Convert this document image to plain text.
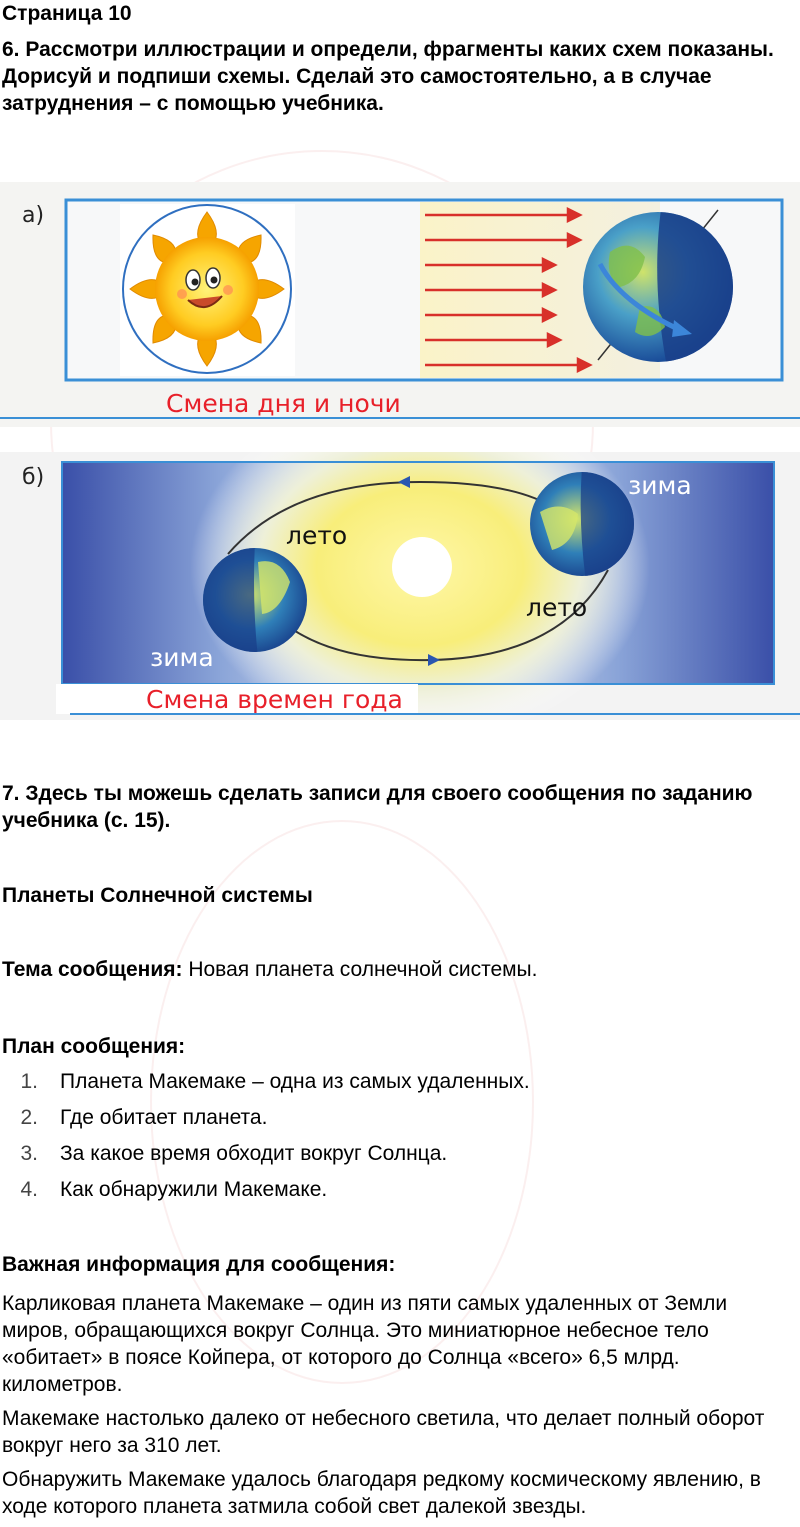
Страница 10

6. Рассмотри иллюстрации и определи, фрагменты каких схем показаны. Дорисуй и подпиши схемы. Сделай это самостоятельно, а в случае затруднения – с помощью учебника.

а)
Смена дня и ночи
б)	зима
лето
лето
зима
Смена времен года

7. Здесь ты можешь сделать записи для своего сообщения по заданию учебника (с. 15).

Планеты Солнечной системы

Тема сообщения: Новая планета солнечной системы.

План сообщения:

1. Планета Макемаке – одна из самых удаленных.
2. Где обитает планета.
3. За какое время обходит вокруг Солнца.
4. Как обнаружили Макемаке.

Важная информация для сообщения:

Карликовая планета Макемаке – один из пяти самых удаленных от Земли миров, обращающихся вокруг Солнца. Это миниатюрное небесное тело «обитает» в поясе Койпера, от которого до Солнца «всего» 6,5 млрд. километров.

Макемаке настолько далеко от небесного светила, что делает полный оборот вокруг него за 310 лет.

Обнаружить Макемаке удалось благодаря редкому космическому явлению, в ходе которого планета затмила собой свет далекой звезды.
